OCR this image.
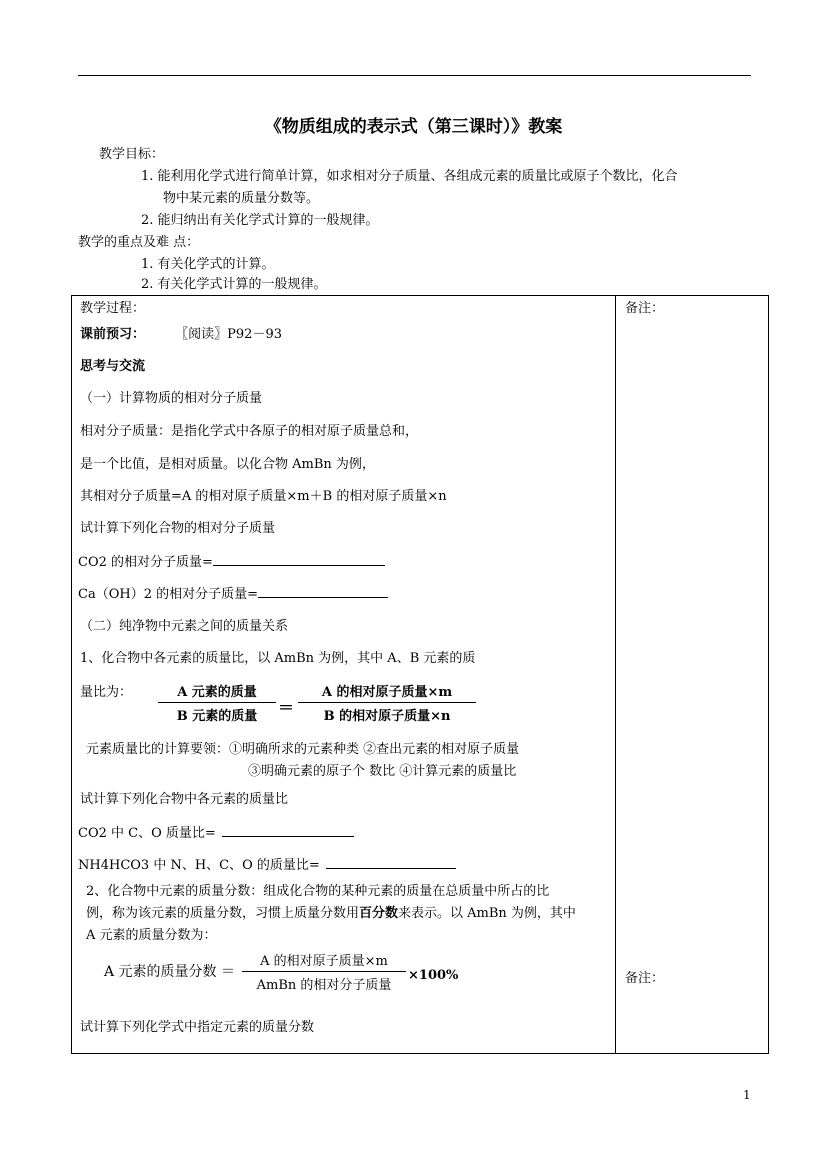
《物质组成的表示式（第三课时）》教案
教学目标：
1. 能利用化学式进行简单计算，如求相对分子质量、各组成元素的质量比或原子个数比，化合
物中某元素的质量分数等。
2. 能归纳出有关化学式计算的一般规律。
教学的重点及难 点：
1. 有关化学式的计算。
2. 有关化学式计算的一般规律。
备注：
备注：
教学过程：
课前预习： 〖阅读〗P92－93
思考与交流
（一）计算物质的相对分子质量
相对分子质量：是指化学式中各原子的相对原子质量总和，
是一个比值，是相对质量。以化合物 AmBn 为例，
其相对分子质量=A 的相对原子质量×m＋B 的相对原子质量×n
试计算下列化合物的相对分子质量
CO2 的相对分子质量=
Ca（OH）2 的相对分子质量=
（二）纯净物中元素之间的质量关系
1、化合物中各元素的质量比，以 AmBn 为例，其中 A、B 元素的质
量比为：	A 元素的质量
B 元素的质量	＝
A 的相对原子质量×m
B 的相对原子质量×n
元素质量比的计算要领：①明确所求的元素种类 ②查出元素的相对原子质量
③明确元素的原子个 数比 ④计算元素的质量比
试计算下列化合物中各元素的质量比
CO2 中 C、O 质量比=
NH4HCO3 中 N、H、C、O 的质量比=
2、化合物中元素的质量分数：组成化合物的某种元素的质量在总质量中所占的比
例，称为该元素的质量分数，习惯上质量分数用百分数来表示。以 AmBn 为例，其中
A 元素的质量分数为：
A 元素的质量分数 ＝
A 的相对原子质量×m
AmBn 的相对分子质量
×100%
试计算下列化学式中指定元素的质量分数
1
